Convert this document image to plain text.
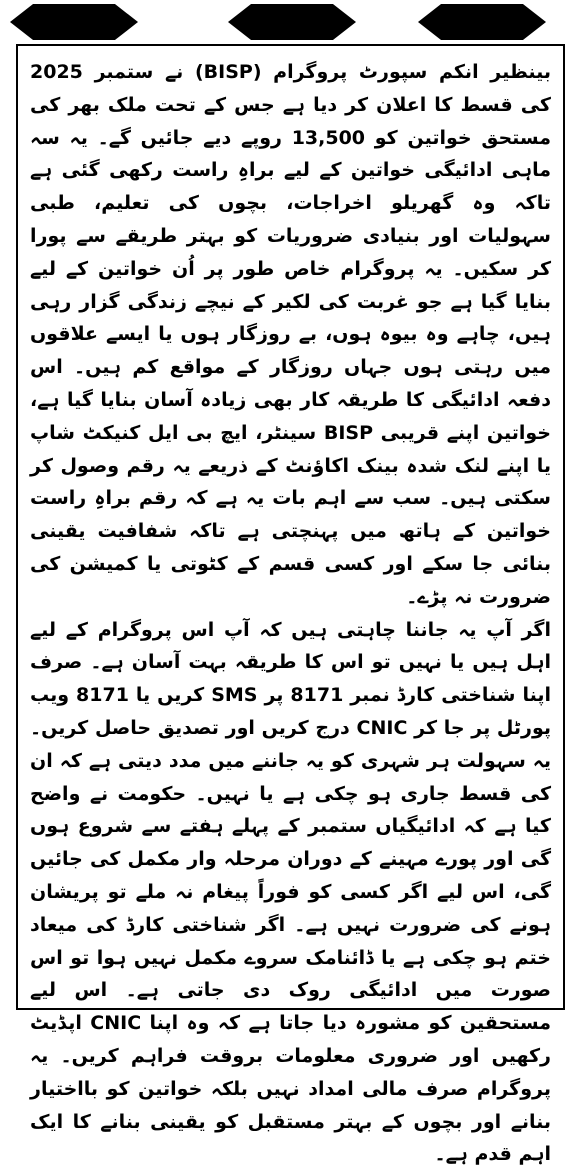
بینظیر انکم سپورٹ پروگرام (BISP) نے ستمبر 2025 کی قسط کا اعلان کر دیا ہے جس کے تحت ملک بھر کی مستحق خواتین کو 13,500 روپے دیے جائیں گے۔ یہ سہ ماہی ادائیگی خواتین کے لیے براہِ راست رکھی گئی ہے تاکہ وہ گھریلو اخراجات، بچوں کی تعلیم، طبی سہولیات اور بنیادی ضروریات کو بہتر طریقے سے پورا کر سکیں۔ یہ پروگرام خاص طور پر اُن خواتین کے لیے بنایا گیا ہے جو غربت کی لکیر کے نیچے زندگی گزار رہی ہیں، چاہے وہ بیوہ ہوں، بے روزگار ہوں یا ایسے علاقوں میں رہتی ہوں جہاں روزگار کے مواقع کم ہیں۔ اس دفعہ ادائیگی کا طریقہ کار بھی زیادہ آسان بنایا گیا ہے، خواتین اپنے قریبی BISP سینٹر، ایچ بی ایل کنیکٹ شاپ یا اپنے لنک شدہ بینک اکاؤنٹ کے ذریعے یہ رقم وصول کر سکتی ہیں۔ سب سے اہم بات یہ ہے کہ رقم براہِ راست خواتین کے ہاتھ میں پہنچتی ہے تاکہ شفافیت یقینی بنائی جا سکے اور کسی قسم کے کٹوتی یا کمیشن کی ضرورت نہ پڑے۔

اگر آپ یہ جاننا چاہتی ہیں کہ آپ اس پروگرام کے لیے اہل ہیں یا نہیں تو اس کا طریقہ بہت آسان ہے۔ صرف اپنا شناختی کارڈ نمبر 8171 پر SMS کریں یا 8171 ویب پورٹل پر جا کر CNIC درج کریں اور تصدیق حاصل کریں۔ یہ سہولت ہر شہری کو یہ جاننے میں مدد دیتی ہے کہ ان کی قسط جاری ہو چکی ہے یا نہیں۔ حکومت نے واضح کیا ہے کہ ادائیگیاں ستمبر کے پہلے ہفتے سے شروع ہوں گی اور پورے مہینے کے دوران مرحلہ وار مکمل کی جائیں گی، اس لیے اگر کسی کو فوراً پیغام نہ ملے تو پریشان ہونے کی ضرورت نہیں ہے۔ اگر شناختی کارڈ کی میعاد ختم ہو چکی ہے یا ڈائنامک سروے مکمل نہیں ہوا تو اس صورت میں ادائیگی روک دی جاتی ہے۔ اس لیے مستحقین کو مشورہ دیا جاتا ہے کہ وہ اپنا CNIC اپڈیٹ رکھیں اور ضروری معلومات بروقت فراہم کریں۔ یہ پروگرام صرف مالی امداد نہیں بلکہ خواتین کو بااختیار بنانے اور بچوں کے بہتر مستقبل کو یقینی بنانے کا ایک اہم قدم ہے۔
